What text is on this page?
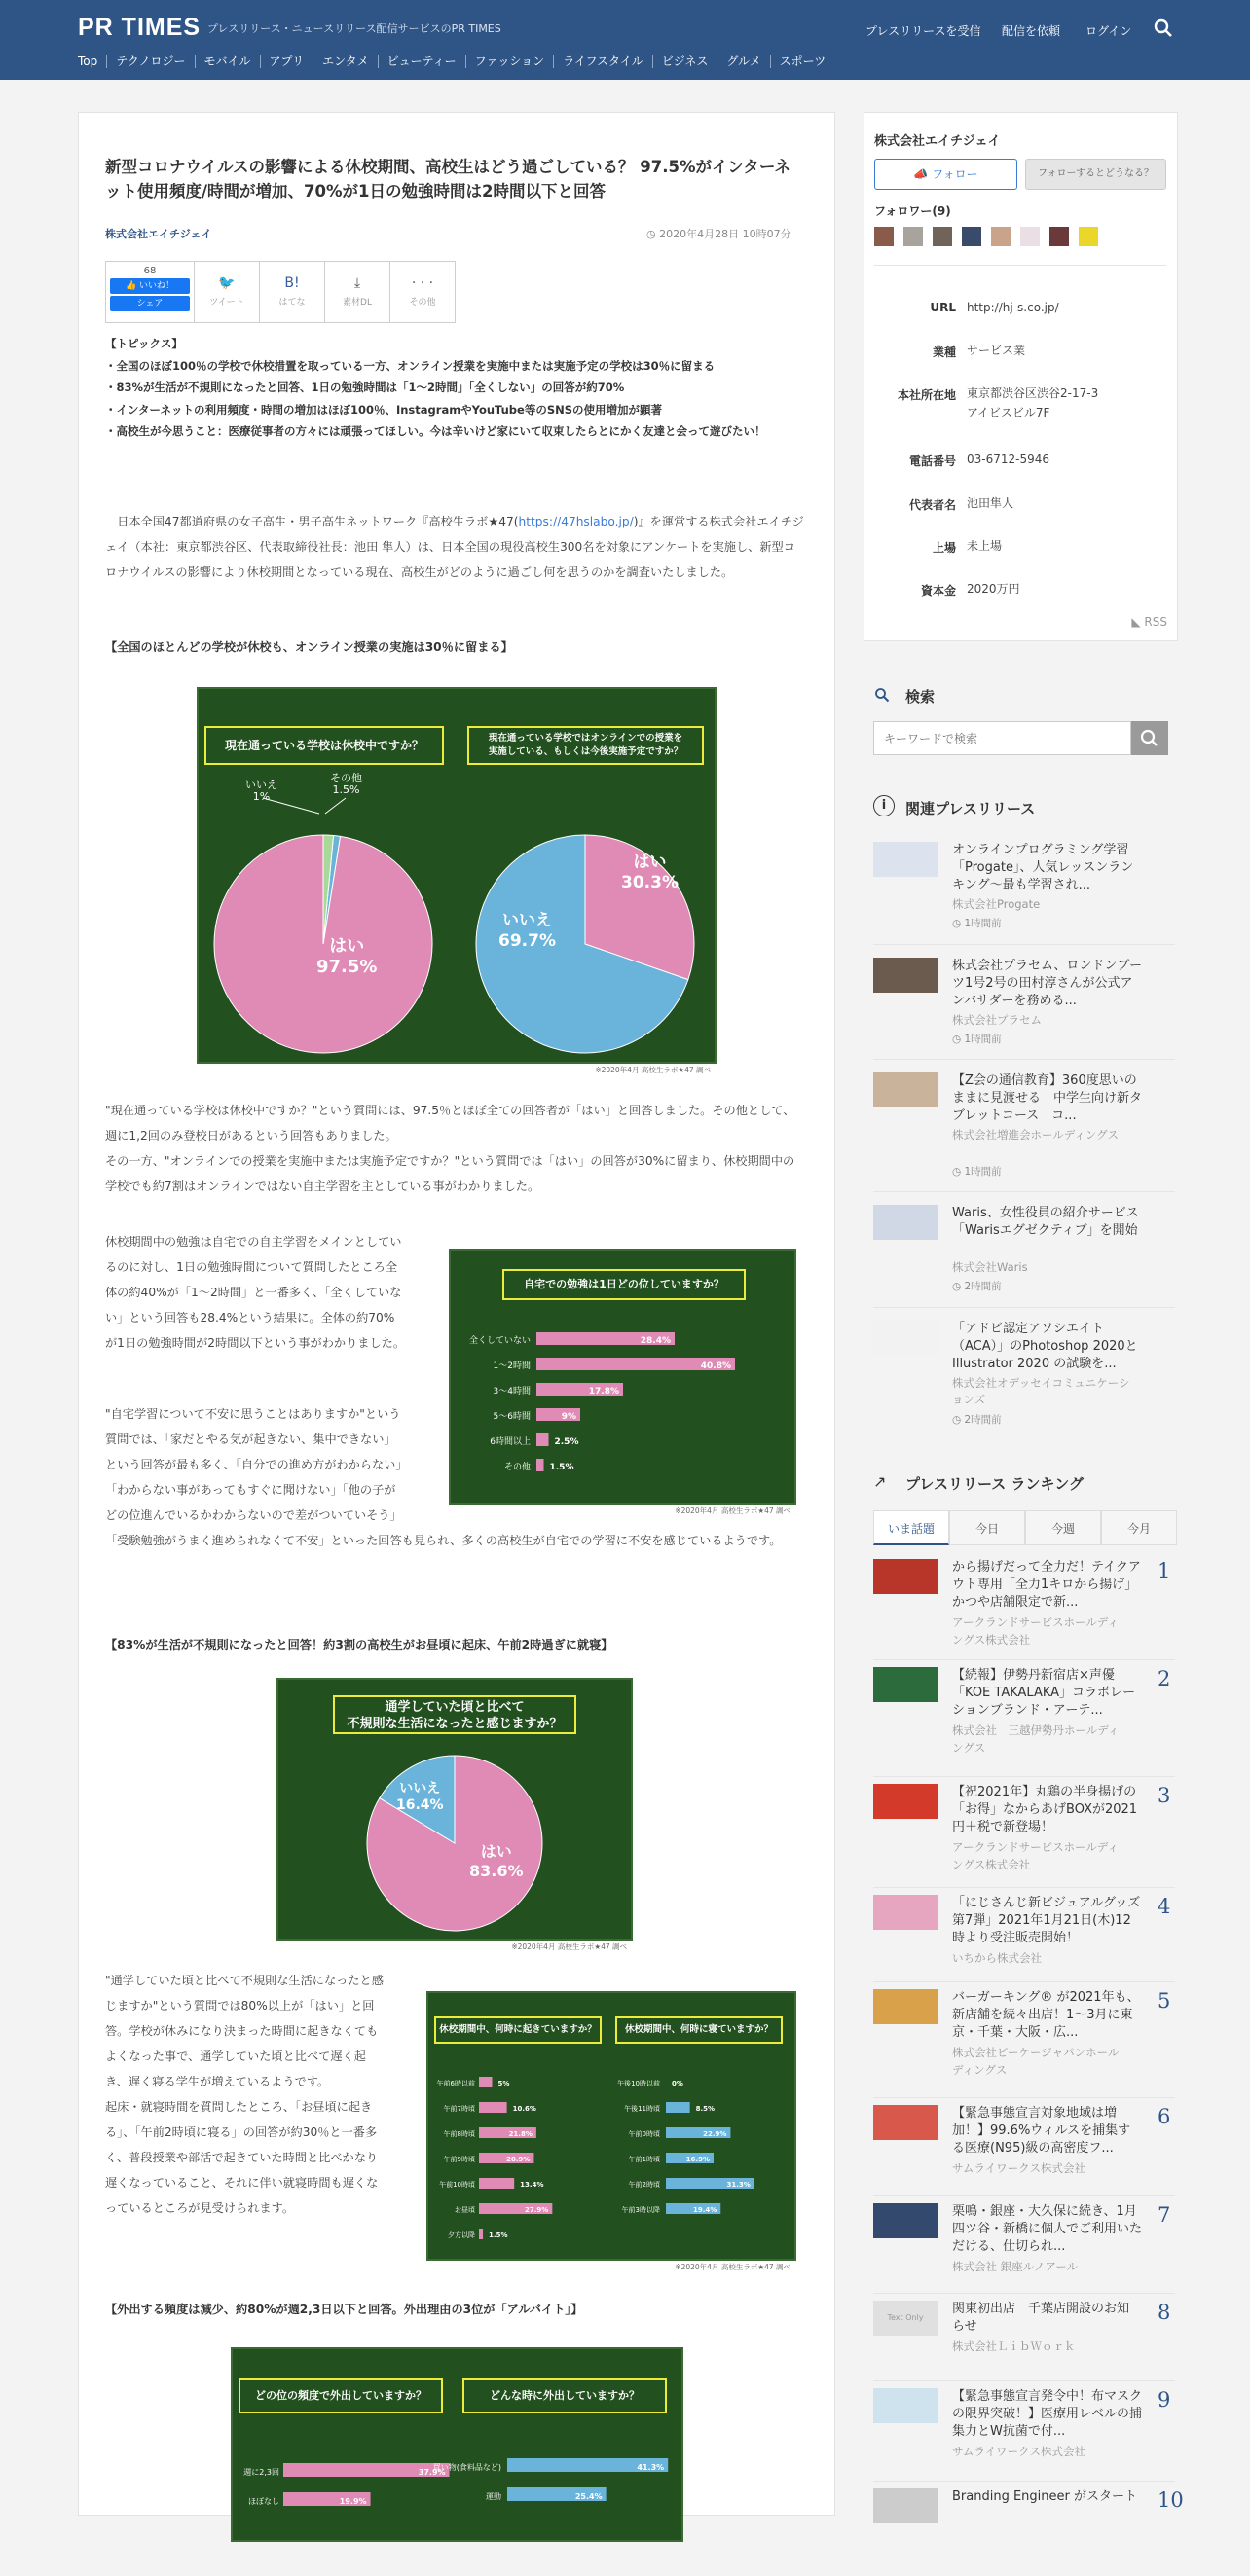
PR TIMES プレスリリース・ニュースリリース配信サービスのPR TIMES	プレスリリースを受信 配信を依頼 ログイン
Top テクノロジー モバイル アプリ エンタメ ビューティー ファッション ライフスタイル ビジネス グルメ スポーツ
新型コロナウイルスの影響による休校期間、高校生はどう過ごしている？ 97.5%がインターネット使用頻度/時間が増加、70%が1日の勉強時間は2時間以下と回答
株式会社エイチジェイ	◷ 2020年4月28日 10時07分
68
👍 いいね！
シェア
🐦
ツイート
B!
はてな
⤓
素材DL
· · ·
その他
【トピックス】
・全国のほぼ100％の学校で休校措置を取っている一方、オンライン授業を実施中または実施予定の学校は30％に留まる
・83%が生活が不規則になったと回答、1日の勉強時間は「1〜2時間」「全くしない」の回答が約70%
・インターネットの利用頻度・時間の増加はほぼ100％、InstagramやYouTube等のSNSの使用増加が顕著
・高校生が今思うこと：医療従事者の方々には頑張ってほしい。今は辛いけど家にいて収束したらとにかく友達と会って遊びたい！
日本全国47都道府県の女子高生・男子高生ネットワーク『高校生ラボ★47(https://47hslabo.jp/)』を運営する株式会社エイチジェイ（本社：東京都渋谷区、代表取締役社長：池田 隼人）は、日本全国の現役高校生300名を対象にアンケートを実施し、新型コロナウイルスの影響により休校期間となっている現在、高校生がどのように過ごし何を思うのかを調査いたしました。
【全国のほとんどの学校が休校も、オンライン授業の実施は30％に留まる】
現在通っている学校は休校中ですか？
現在通っている学校ではオンラインでの授業を
実施している、もしくは今後実施予定ですか？
いいえ
1%
その他
1.5%
はい
97.5%
はい
30.3%
いいえ
69.7%
※2020年4月 高校生ラボ★47 調べ
"現在通っている学校は休校中ですか？"という質問には、97.5％とほぼ全ての回答者が「はい」と回答しました。その他として、週に1,2回のみ登校日があるという回答もありました。
その一方、"オンラインでの授業を実施中または実施予定ですか？"という質問では「はい」の回答が30%に留まり、休校期間中の学校でも約7割はオンラインではない自主学習を主としている事がわかりました。
休校期間中の勉強は自宅での自主学習をメインとしているのに対し、1日の勉強時間について質問したところ全体の約40%が「1〜2時間」と一番多く、「全くしていない」という回答も28.4%という結果に。全体の約70%が1日の勉強時間が2時間以下という事がわかりました。
自宅での勉強は1日どの位していますか？
全くしていない	28.4%
1〜2時間	40.8%
3〜4時間	17.8%
5〜6時間	9%
6時間以上	2.5%
その他 1.5%
※2020年4月 高校生ラボ★47 調べ
"自宅学習について不安に思うことはありますか"という質問では、「家だとやる気が起きない、集中できない」という回答が最も多く、「自分での進め方がわからない」「わからない事があってもすぐに聞けない」「他の子がどの位進んでいるかわからないので差がついていそう」
「受験勉強がうまく進められなくて不安」といった回答も見られ、多くの高校生が自宅での学習に不安を感じているようです。
【83%が生活が不規則になったと回答！約3割の高校生がお昼頃に起床、午前2時過ぎに就寝】
通学していた頃と比べて
不規則な生活になったと感じますか？
いいえ
16.4%
はい
83.6%
※2020年4月 高校生ラボ★47 調べ
"通学していた頃と比べて不規則な生活になったと感じますか"という質問では80%以上が「はい」と回答。学校が休みになり決まった時間に起きなくてもよくなった事で、通学していた頃と比べて遅く起き、遅く寝る学生が増えているようです。
起床・就寝時間を質問したところ、「お昼頃に起きる」、「午前2時頃に寝る」の回答が約30％と一番多く、普段授業や部活で起きていた時間と比べかなり遅くなっていること、それに伴い就寝時間も遅くなっているところが見受けられます。
休校期間中、何時に起きていますか？	休校期間中、何時に寝ていますか？
午前6時以前	5%
午前7時頃	10.6%
午前8時頃	21.8%
午前9時頃	20.9%
午前10時頃	13.4%
お昼頃	27.9%
夕方以降 1.5%
午後10時以前 0%
午後11時頃	8.5%
午前0時頃	22.9%
午前1時頃	16.9%
午前2時頃	31.3%
午前3時以降	19.4%
※2020年4月 高校生ラボ★47 調べ
【外出する頻度は減少、約80%が週2,3日以下と回答。外出理由の3位が「アルバイト」】
どの位の頻度で外出していますか？	どんな時に外出していますか？
週に2,3回	37.9%
ほぼなし	19.9%
買い物(食料品など)	41.3%
運動	25.4%
株式会社エイチジェイ
📣 フォロー	フォローするとどうなる？
フォロワー(9)
URL http://hj-s.co.jp/
業種 サービス業
本社所在地 東京都渋谷区渋谷2-17-3
アイビスビル7F
電話番号 03-6712-5946
代表者名 池田隼人
上場 未上場
資本金 2020万円
◣ RSS
検索
キーワードで検索
i	関連プレスリリース
オンラインプログラミング学習「Progate」、人気レッスンランキング〜最も学習され...
株式会社Progate
◷ 1時間前
株式会社プラセム、ロンドンブーツ1号2号の田村淳さんが公式アンバサダーを務める...
株式会社プラセム
◷ 1時間前
【Z会の通信教育】360度思いのままに見渡せる　中学生向け新タブレットコース　コ...
株式会社増進会ホールディングス
◷ 1時間前
Waris、女性役員の紹介サービス「Warisエグゼクティブ」を開始
株式会社Waris
◷ 2時間前
「アドビ認定アソシエイト（ACA）」のPhotoshop 2020とIllustrator 2020 の試験を...
株式会社オデッセイコミュニケーションズ
◷ 2時間前
↗ プレスリリース ランキング
いま話題	今日	今週	今月
から揚げだって全力だ！テイクアウト専用「全力1キロから揚げ」かつや店舗限定で新...
1
アークランドサービスホールディングス株式会社
【続報】伊勢丹新宿店×声優「KOE TAKALAKA」コラボレーションブランド・アーテ...
2
株式会社　三越伊勢丹ホールディングス
【祝2021年】丸鶏の半身揚げの「お得」なからあげBOXが2021円＋税で新登場！
3
アークランドサービスホールディングス株式会社
「にじさんじ新ビジュアルグッズ第7弾」2021年1月21日(木)12時より受注販売開始！
4
いちから株式会社
バーガーキング® が2021年も、新店舗を続々出店！1～3月に東京・千葉・大阪・広...
5
株式会社ビーケージャパンホールディングス
【緊急事態宣言対象地域は増加！】99.6%ウィルスを捕集する医療(N95)級の高密度フ...
6
サムライワークス株式会社
栗鳴・銀座・大久保に続き、1月 四ツ谷・新橋に個人でご利用いただける、仕切られ...
7
株式会社 銀座ルノアール
Text Only
関東初出店　千葉店開設のお知らせ
8
株式会社ＬｉｂＷｏｒｋ
【緊急事態宣言発令中！布マスクの限界突破！】医療用レベルの捕集力とW抗菌で付...
9
サムライワークス株式会社
Branding Engineer がスタート 10
